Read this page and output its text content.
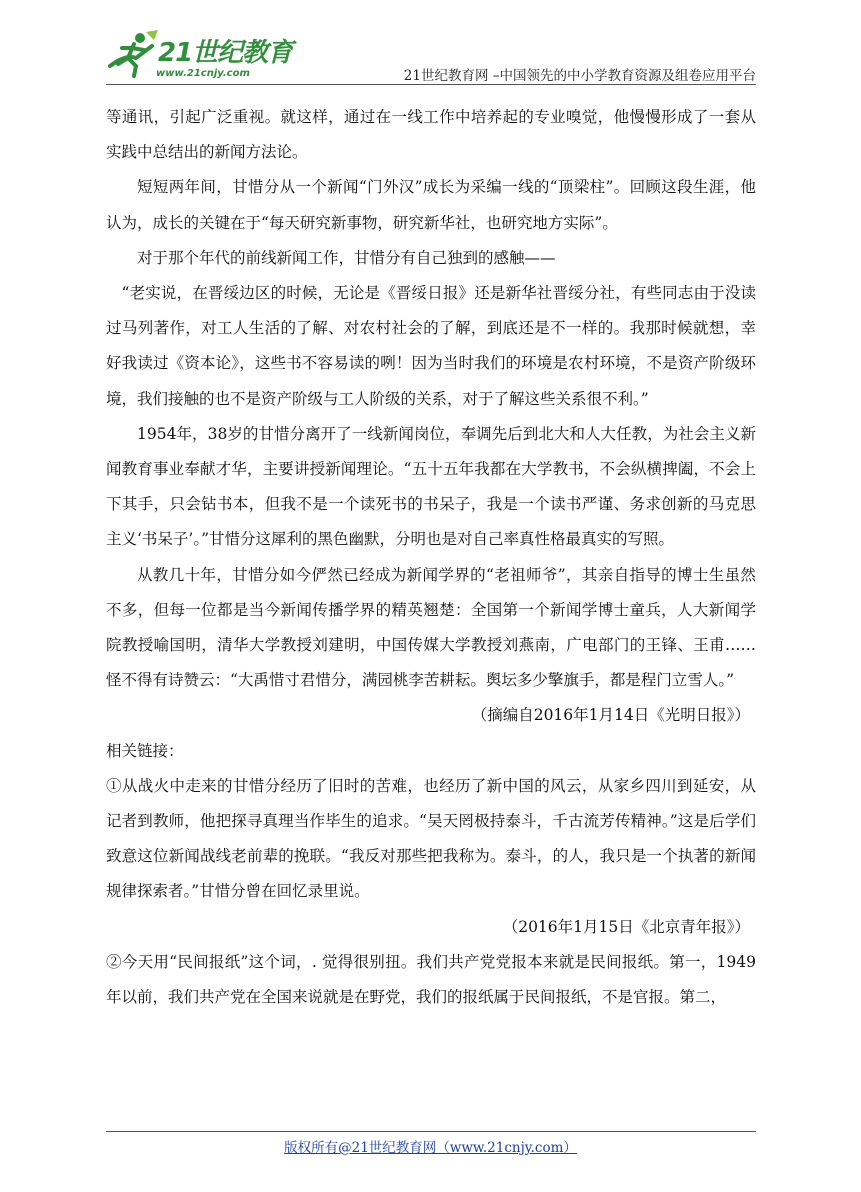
21世纪教育
www.21cnjy.com	21世纪教育网 –中国领先的中小学教育资源及组卷应用平台

等通讯，引起广泛重视。就这样，通过在一线工作中培养起的专业嗅觉，他慢慢形成了一套从实践中总结出的新闻方法论。

短短两年间，甘惜分从一个新闻“门外汉”成长为采编一线的“顶梁柱”。回顾这段生涯，他认为，成长的关键在于“每天研究新事物，研究新华社，也研究地方实际”。

对于那个年代的前线新闻工作，甘惜分有自己独到的感触——

“老实说，在晋绥边区的时候，无论是《晋绥日报》还是新华社晋绥分社，有些同志由于没读过马列著作，对工人生活的了解、对农村社会的了解，到底还是不一样的。我那时候就想，幸好我读过《资本论》，这些书不容易读的咧！因为当时我们的环境是农村环境，不是资产阶级环境，我们接触的也不是资产阶级与工人阶级的关系，对于了解这些关系很不利。”

1954年，38岁的甘惜分离开了一线新闻岗位，奉调先后到北大和人大任教，为社会主义新闻教育事业奉献才华，主要讲授新闻理论。“五十五年我都在大学教书，不会纵横捭阖，不会上下其手，只会钻书本，但我不是一个读死书的书呆子，我是一个读书严谨、务求创新的马克思主义‘书呆子’。”甘惜分这犀利的黑色幽默，分明也是对自己率真性格最真实的写照。

从教几十年，甘惜分如今俨然已经成为新闻学界的“老祖师爷”，其亲自指导的博士生虽然不多，但每一位都是当今新闻传播学界的精英翘楚：全国第一个新闻学博士童兵，人大新闻学院教授喻国明，清华大学教授刘建明，中国传媒大学教授刘燕南，广电部门的王锋、王甫……怪不得有诗赞云：“大禹惜寸君惜分，满园桃李苦耕耘。舆坛多少擎旗手，都是程门立雪人。”

（摘编自2016年1月14日《光明日报》）

相关链接：

①从战火中走来的甘惜分经历了旧时的苦难，也经历了新中国的风云，从家乡四川到延安，从记者到教师，他把探寻真理当作毕生的追求。“吴天罔极持泰斗，千古流芳传精神。”这是后学们致意这位新闻战线老前辈的挽联。“我反对那些把我称为。泰斗，的人，我只是一个执著的新闻规律探索者。”甘惜分曾在回忆录里说。

（2016年1月15日《北京青年报》）

②今天用“民间报纸”这个词，. 觉得很别扭。我们共产党党报本来就是民间报纸。第一，1949年以前，我们共产党在全国来说就是在野党，我们的报纸属于民间报纸，不是官报。第二，

版权所有@21世纪教育网（www.21cnjy.com）
